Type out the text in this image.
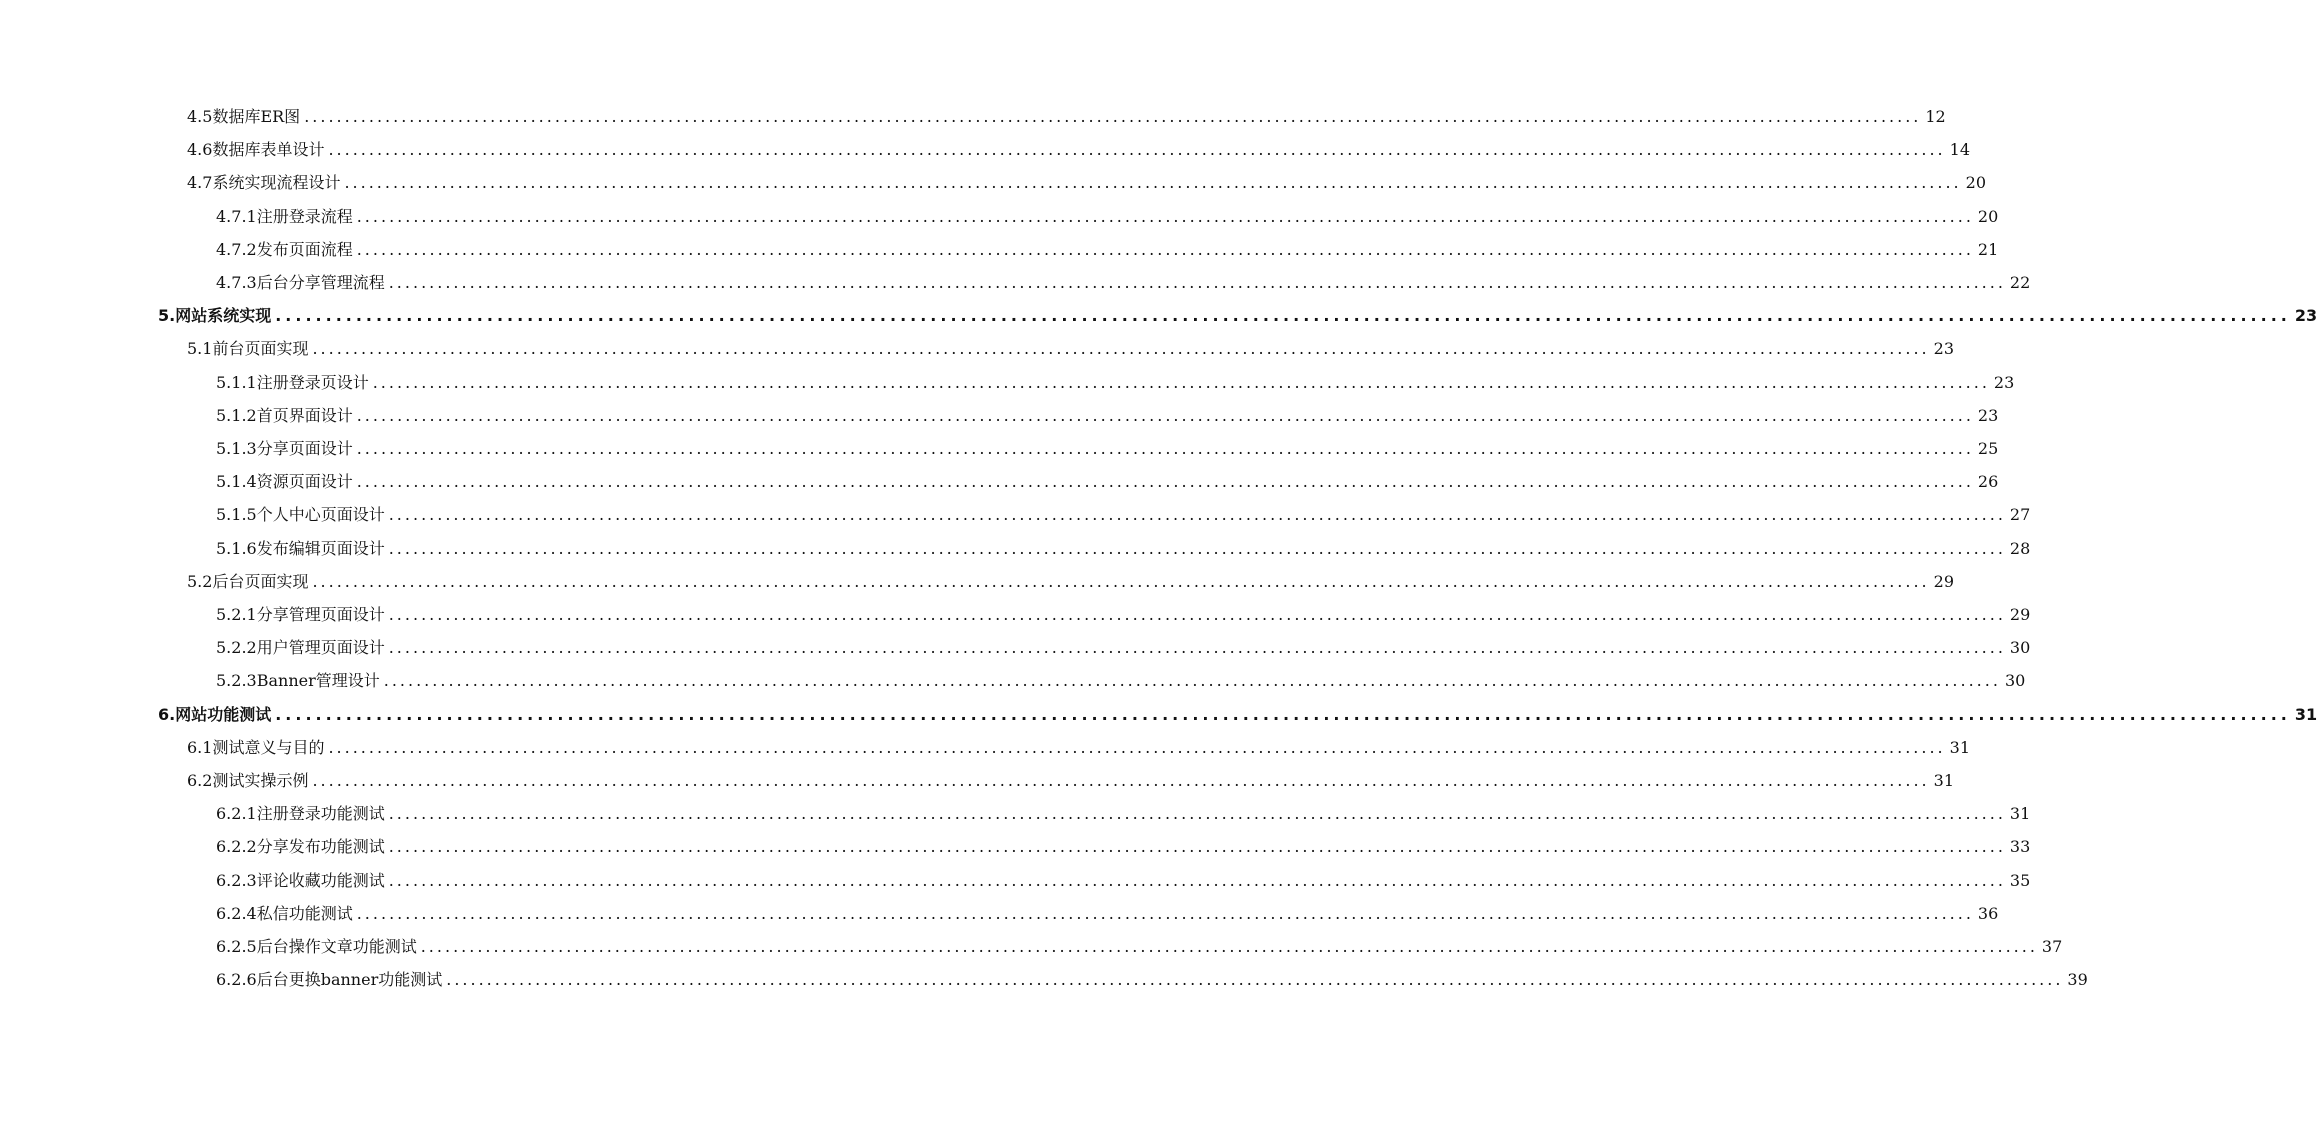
4.5数据库ER图 ........................................................................................................................................................................................................ 12
4.6数据库表单设计 ........................................................................................................................................................................................................ 14
4.7系统实现流程设计 ........................................................................................................................................................................................................ 20
4.7.1注册登录流程 ........................................................................................................................................................................................................ 20
4.7.2发布页面流程 ........................................................................................................................................................................................................ 21
4.7.3后台分享管理流程 ........................................................................................................................................................................................................ 22
5.网站系统实现 ........................................................................................................................................................................................................ 23
5.1前台页面实现 ........................................................................................................................................................................................................ 23
5.1.1注册登录页设计 ........................................................................................................................................................................................................ 23
5.1.2首页界面设计 ........................................................................................................................................................................................................ 23
5.1.3分享页面设计 ........................................................................................................................................................................................................ 25
5.1.4资源页面设计 ........................................................................................................................................................................................................ 26
5.1.5个人中心页面设计 ........................................................................................................................................................................................................ 27
5.1.6发布编辑页面设计 ........................................................................................................................................................................................................ 28
5.2后台页面实现 ........................................................................................................................................................................................................ 29
5.2.1分享管理页面设计 ........................................................................................................................................................................................................ 29
5.2.2用户管理页面设计 ........................................................................................................................................................................................................ 30
5.2.3Banner管理设计 ........................................................................................................................................................................................................ 30
6.网站功能测试 ........................................................................................................................................................................................................ 31
6.1测试意义与目的 ........................................................................................................................................................................................................ 31
6.2测试实操示例 ........................................................................................................................................................................................................ 31
6.2.1注册登录功能测试 ........................................................................................................................................................................................................ 31
6.2.2分享发布功能测试 ........................................................................................................................................................................................................ 33
6.2.3评论收藏功能测试 ........................................................................................................................................................................................................ 35
6.2.4私信功能测试 ........................................................................................................................................................................................................ 36
6.2.5后台操作文章功能测试 ........................................................................................................................................................................................................ 37
6.2.6后台更换banner功能测试 ........................................................................................................................................................................................................ 39
